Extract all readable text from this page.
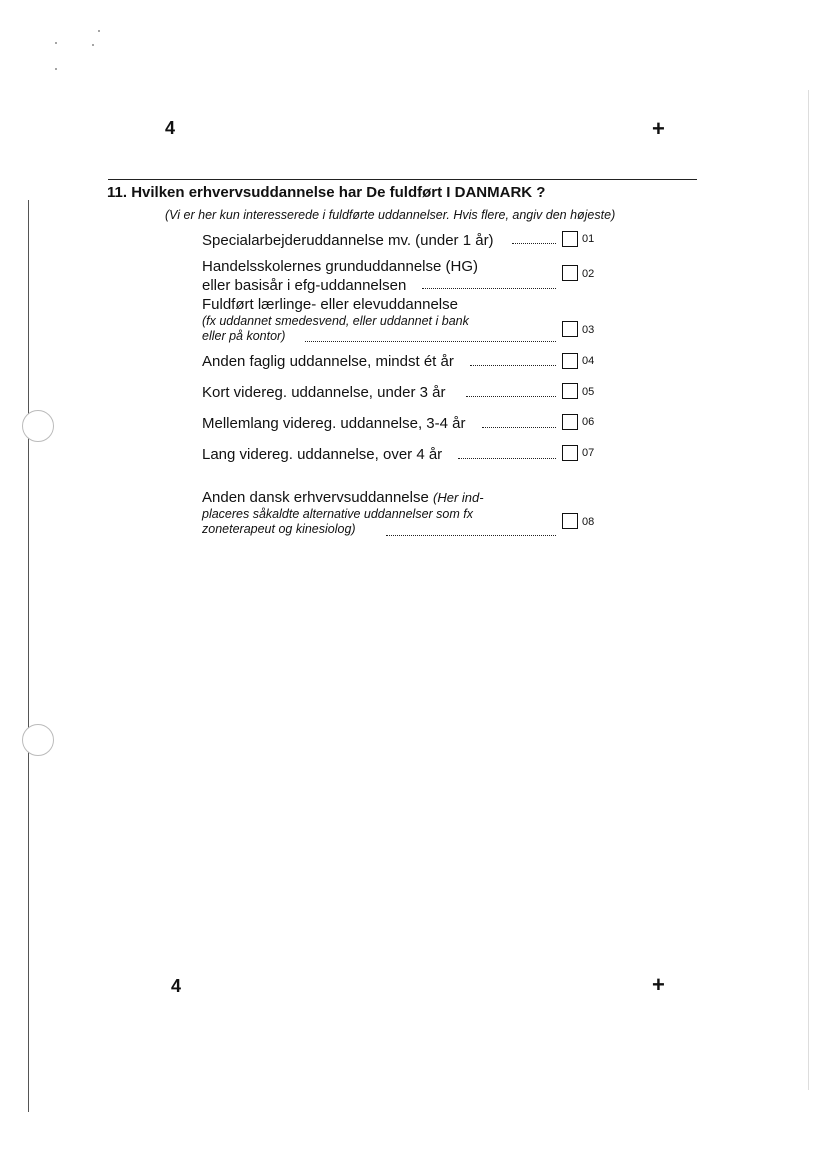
4	+
11. Hvilken erhvervsuddannelse har De fuldført I DANMARK ?
(Vi er her kun interesserede i fuldførte uddannelser. Hvis flere, angiv den højeste)
Specialarbejderuddannelse mv. (under 1 år)	01
Handelsskolernes grunduddannelse (HG)
eller basisår i efg-uddannelsen
02
Fuldført lærlinge- eller elevuddannelse
(fx uddannet smedesvend, eller uddannet i bank
eller på kontor)	03
Anden faglig uddannelse, mindst ét år	04
Kort videreg. uddannelse, under 3 år	05
Mellemlang videreg. uddannelse, 3-4 år	06
Lang videreg. uddannelse, over 4 år	07
Anden dansk erhvervsuddannelse (Her ind-
placeres såkaldte alternative uddannelser som fx
zoneterapeut og kinesiolog)	08
4	+
